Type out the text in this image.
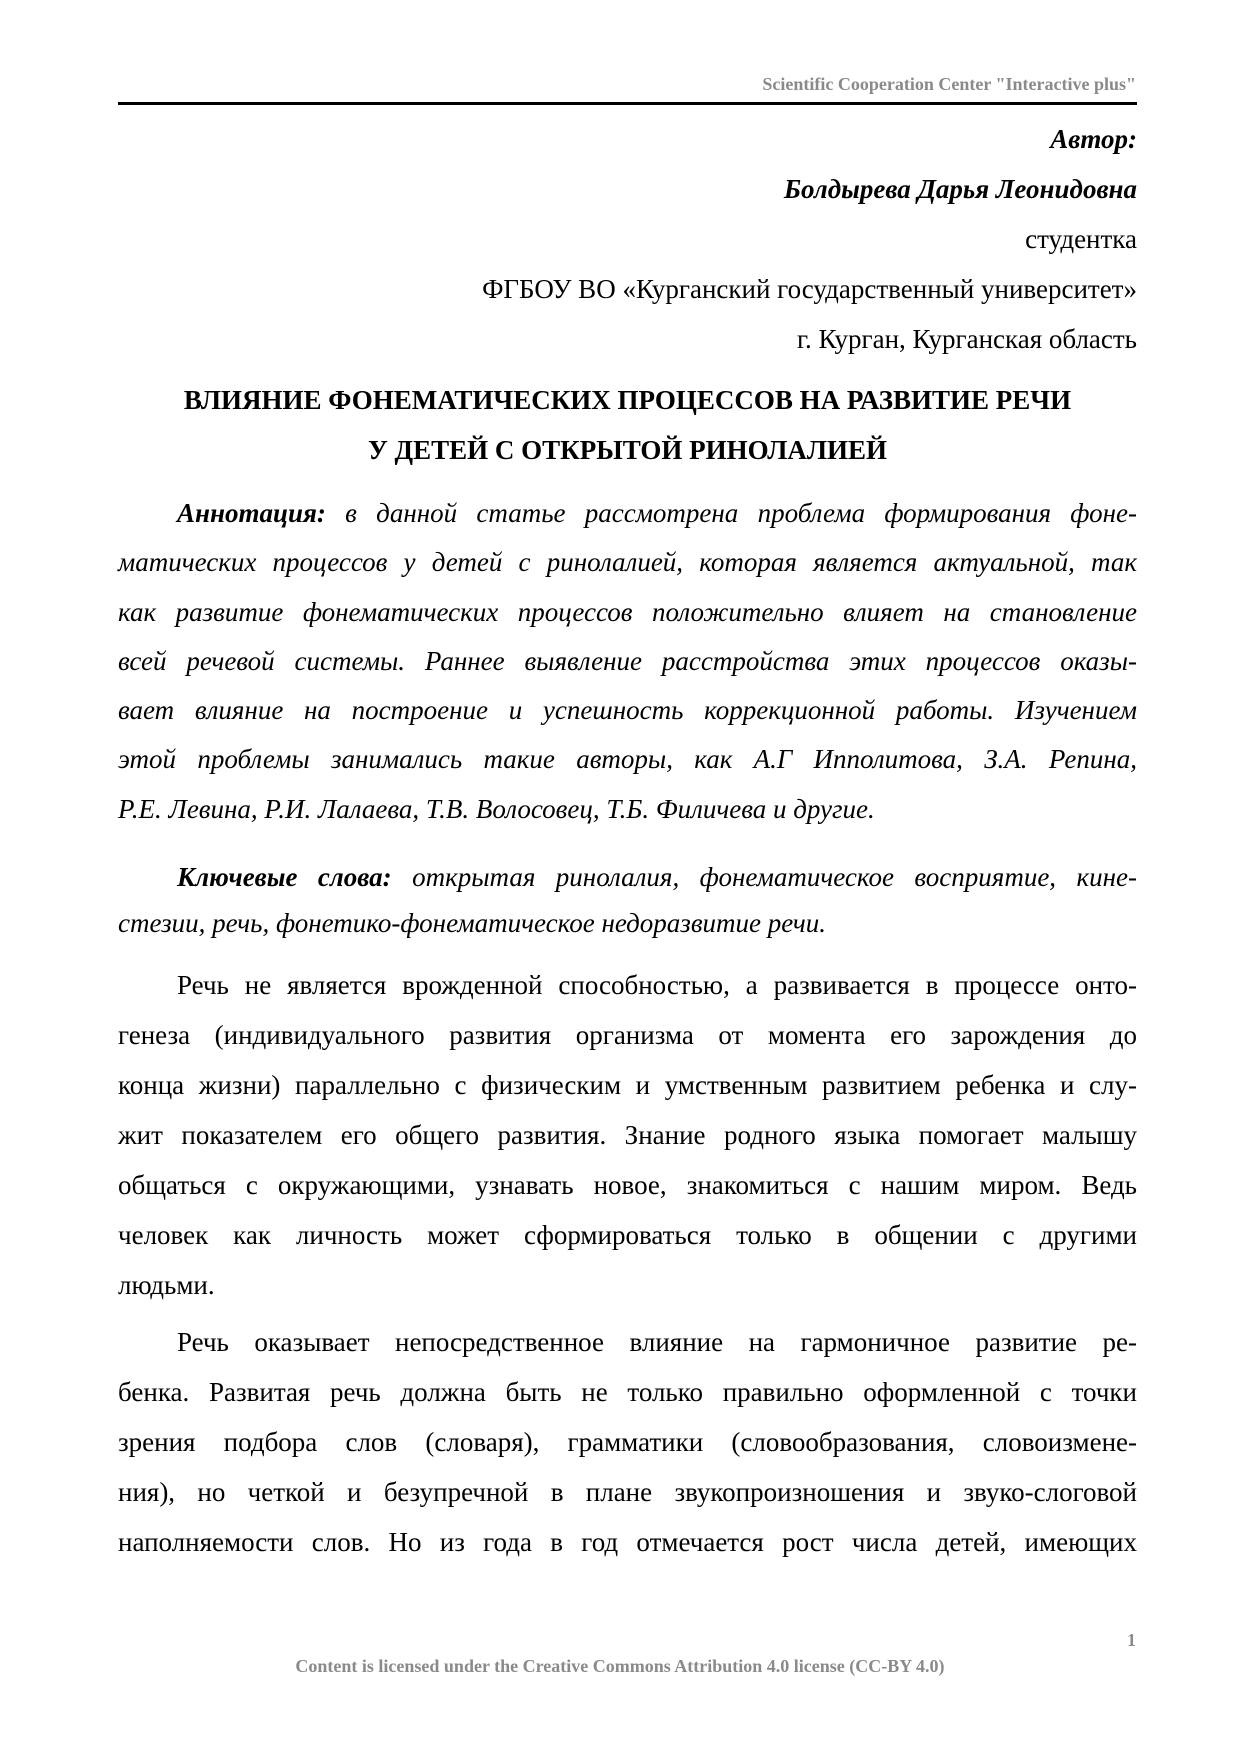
Scientific Cooperation Center "Interactive plus"
Автор:
Болдырева Дарья Леонидовна
студентка
ФГБОУ ВО «Курганский государственный университет»
г. Курган, Курганская область
ВЛИЯНИЕ ФОНЕМАТИЧЕСКИХ ПРОЦЕССОВ НА РАЗВИТИЕ РЕЧИ
У ДЕТЕЙ С ОТКРЫТОЙ РИНОЛАЛИЕЙ
Аннотация: в данной статье рассмотрена проблема формирования фоне-
матических процессов у детей с ринолалией, которая является актуальной, так
как развитие фонематических процессов положительно влияет на становление
всей речевой системы. Раннее выявление расстройства этих процессов оказы-
вает влияние на построение и успешность коррекционной работы. Изучением
этой проблемы занимались такие авторы, как А.Г Ипполитова, З.А. Репина,
Р.Е. Левина, Р.И. Лалаева, Т.В. Волосовец, Т.Б. Филичева и другие.
Ключевые слова: открытая ринолалия, фонематическое восприятие, кине-
стезии, речь, фонетико-фонематическое недоразвитие речи.
Речь не является врожденной способностью, а развивается в процессе онто-
генеза (индивидуального развития организма от момента его зарождения до
конца жизни) параллельно с физическим и умственным развитием ребенка и слу-
жит показателем его общего развития. Знание родного языка помогает малышу
общаться с окружающими, узнавать новое, знакомиться с нашим миром. Ведь
человек как личность может сформироваться только в общении с другими
людьми.
Речь оказывает непосредственное влияние на гармоничное развитие ре-
бенка. Развитая речь должна быть не только правильно оформленной с точки
зрения подбора слов (словаря), грамматики (словообразования, словоизмене-
ния), но четкой и безупречной в плане звукопроизношения и звуко-слоговой
наполняемости слов. Но из года в год отмечается рост числа детей, имеющих
1
Content is licensed under the Creative Commons Attribution 4.0 license (CC-BY 4.0)
